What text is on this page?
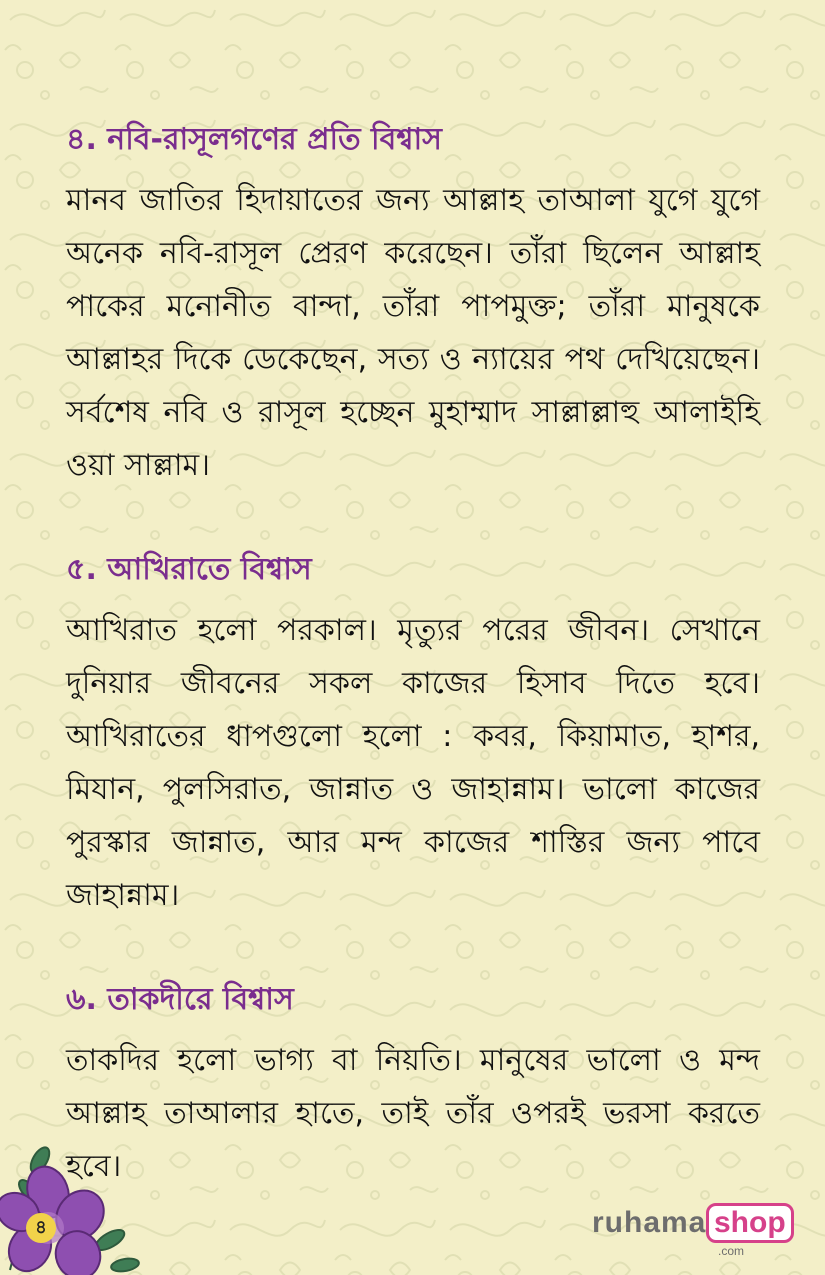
৪. নবি-রাসূলগণের প্রতি বিশ্বাস

মানব জাতির হিদায়াতের জন্য আল্লাহ তাআলা যুগে যুগে অনেক নবি-রাসূল প্রেরণ করেছেন। তাঁরা ছিলেন আল্লাহ পাকের মনোনীত বান্দা, তাঁরা পাপমুক্ত; তাঁরা মানুষকে আল্লাহর দিকে ডেকেছেন, সত্য ও ন্যায়ের পথ দেখিয়েছেন। সর্বশেষ নবি ও রাসূল হচ্ছেন মুহাম্মাদ সাল্লাল্লাহু আলাইহি ওয়া সাল্লাম।

৫. আখিরাতে বিশ্বাস

আখিরাত হলো পরকাল। মৃত্যুর পরের জীবন। সেখানে দুনিয়ার জীবনের সকল কাজের হিসাব দিতে হবে। আখিরাতের ধাপগুলো হলো : কবর, কিয়ামাত, হাশর, মিযান, পুলসিরাত, জান্নাত ও জাহান্নাম। ভালো কাজের পুরস্কার জান্নাত, আর মন্দ কাজের শাস্তির জন্য পাবে জাহান্নাম।

৬. তাকদীরে বিশ্বাস

তাকদির হলো ভাগ্য বা নিয়তি। মানুষের ভালো ও মন্দ আল্লাহ তাআলার হাতে, তাই তাঁর ওপরই ভরসা করতে হবে।

৪	ruhama shop
.com
